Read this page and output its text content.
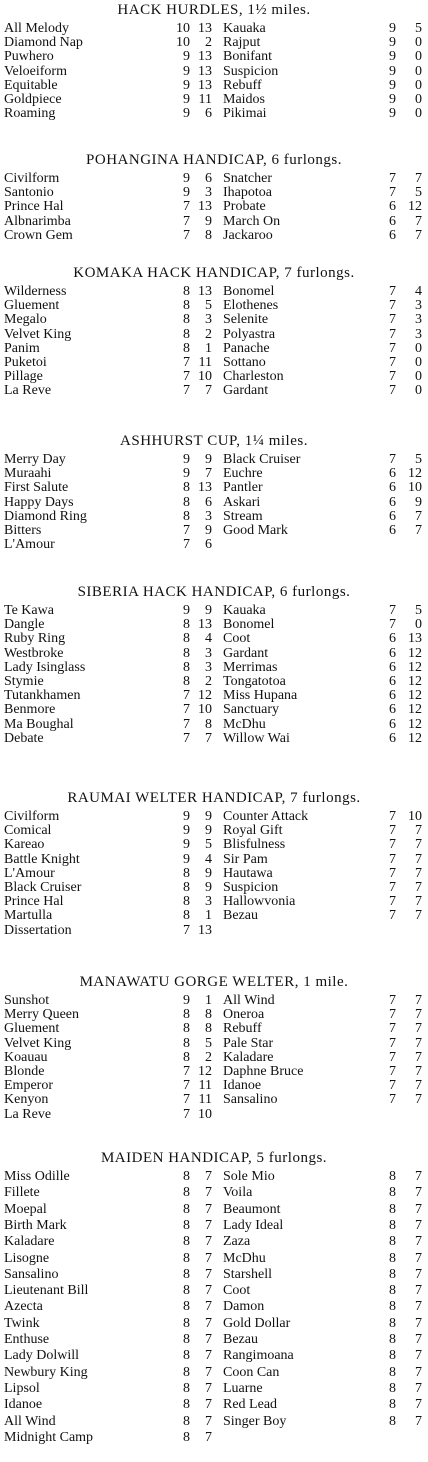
HACK HURDLES, 1½ miles.
All Melody	10 13 Kauaka	9	5
Diamond Nap	10	2 Rajput	9	0
Puwhero	9 13 Bonifant	9	0
Veloeiform	9 13 Suspicion	9	0
Equitable	9 13 Rebuff	9	0
Goldpiece	9 11 Maidos	9	0
Roaming	9	6 Pikimai	9	0
POHANGINA HANDICAP, 6 furlongs.
Civilform	9	6 Snatcher	7	7
Santonio	9	3 Ihapotoa	7	5
Prince Hal	7 13 Probate	6 12
Albnarimba	7	9 March On	6	7
Crown Gem	7	8 Jackaroo	6	7
KOMAKA HACK HANDICAP, 7 furlongs.
Wilderness	8 13 Bonomel	7	4
Gluement	8	5 Elothenes	7	3
Megalo	8	3 Selenite	7	3
Velvet King	8	2 Polyastra	7	3
Panim	8	1 Panache	7	0
Puketoi	7 11 Sottano	7	0
Pillage	7 10 Charleston	7	0
La Reve	7	7 Gardant	7	0
ASHHURST CUP, 1¼ miles.
Merry Day	9	9 Black Cruiser	7	5
Muraahi	9	7 Euchre	6 12
First Salute	8 13 Pantler	6 10
Happy Days	8	6 Askari	6	9
Diamond Ring	8	3 Stream	6	7
Bitters	7	9 Good Mark	6	7
L'Amour	7	6
SIBERIA HACK HANDICAP, 6 furlongs.
Te Kawa	9	9 Kauaka	7	5
Dangle	8 13 Bonomel	7	0
Ruby Ring	8	4 Coot	6 13
Westbroke	8	3 Gardant	6 12
Lady Isinglass	8	3 Merrimas	6 12
Stymie	8	2 Tongatotoa	6 12
Tutankhamen	7 12 Miss Hupana	6 12
Benmore	7 10 Sanctuary	6 12
Ma Boughal	7	8 McDhu	6 12
Debate	7	7 Willow Wai	6 12
RAUMAI WELTER HANDICAP, 7 furlongs.
Civilform	9	9 Counter Attack	7 10
Comical	9	9 Royal Gift	7	7
Kareao	9	5 Blisfulness	7	7
Battle Knight	9	4 Sir Pam	7	7
L'Amour	8	9 Hautawa	7	7
Black Cruiser	8	9 Suspicion	7	7
Prince Hal	8	3 Hallowvonia	7	7
Martulla	8	1 Bezau	7	7
Dissertation	7 13
MANAWATU GORGE WELTER, 1 mile.
Sunshot	9	1 All Wind	7	7
Merry Queen	8	8 Oneroa	7	7
Gluement	8	8 Rebuff	7	7
Velvet King	8	5 Pale Star	7	7
Koauau	8	2 Kaladare	7	7
Blonde	7 12 Daphne Bruce	7	7
Emperor	7 11 Idanoe	7	7
Kenyon	7 11 Sansalino	7	7
La Reve	7 10
MAIDEN HANDICAP, 5 furlongs.
Miss Odille	8	7 Sole Mio	8	7
Fillete	8	7 Voila	8	7
Moepal	8	7 Beaumont	8	7
Birth Mark	8	7 Lady Ideal	8	7
Kaladare	8	7 Zaza	8	7
Lisogne	8	7 McDhu	8	7
Sansalino	8	7 Starshell	8	7
Lieutenant Bill	8	7 Coot	8	7
Azecta	8	7 Damon	8	7
Twink	8	7 Gold Dollar	8	7
Enthuse	8	7 Bezau	8	7
Lady Dolwill	8	7 Rangimoana	8	7
Newbury King	8	7 Coon Can	8	7
Lipsol	8	7 Luarne	8	7
Idanoe	8	7 Red Lead	8	7
All Wind	8	7 Singer Boy	8	7
Midnight Camp	8	7
